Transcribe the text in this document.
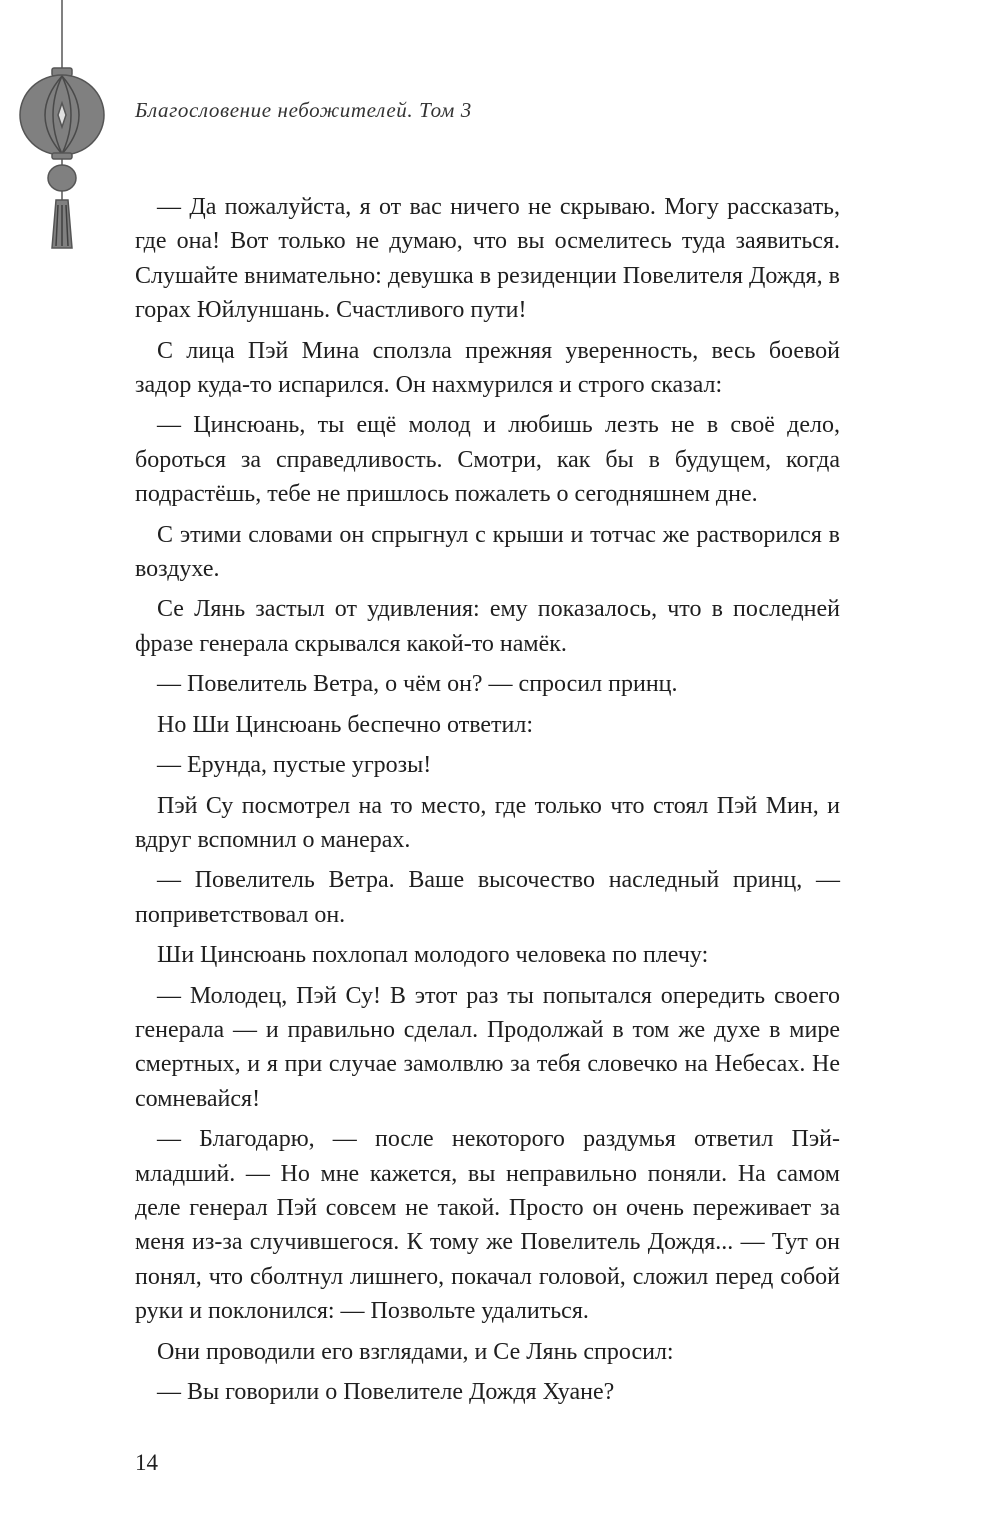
Благословение небожителей. Том 3

— Да пожалуйста, я от вас ничего не скрываю. Могу рассказать, где она! Вот только не думаю, что вы осмелитесь туда заявиться. Слушайте внимательно: девушка в резиденции Повелителя Дождя, в горах Юйлуншань. Счастливого пути!

С лица Пэй Мина сползла прежняя уверенность, весь боевой задор куда-то испарился. Он нахмурился и строго сказал:

— Цинсюань, ты ещё молод и любишь лезть не в своё дело, бороться за справедливость. Смотри, как бы в будущем, когда подрастёшь, тебе не пришлось пожалеть о сегодняшнем дне.

С этими словами он спрыгнул с крыши и тотчас же растворился в воздухе.

Се Лянь застыл от удивления: ему показалось, что в последней фразе генерала скрывался какой-то намёк.

— Повелитель Ветра, о чём он? — спросил принц.

Но Ши Цинсюань беспечно ответил:

— Ерунда, пустые угрозы!

Пэй Су посмотрел на то место, где только что стоял Пэй Мин, и вдруг вспомнил о манерах.

— Повелитель Ветра. Ваше высочество наследный принц, — поприветствовал он.

Ши Цинсюань похлопал молодого человека по плечу:

— Молодец, Пэй Су! В этот раз ты попытался опередить своего генерала — и правильно сделал. Продолжай в том же духе в мире смертных, и я при случае замолвлю за тебя словечко на Небесах. Не сомневайся!

— Благодарю, — после некоторого раздумья ответил Пэй-младший. — Но мне кажется, вы неправильно поняли. На самом деле генерал Пэй совсем не такой. Просто он очень переживает за меня из-за случившегося. К тому же Повелитель Дождя... — Тут он понял, что сболтнул лишнего, покачал головой, сложил перед собой руки и поклонился: — Позвольте удалиться.

Они проводили его взглядами, и Се Лянь спросил:

— Вы говорили о Повелителе Дождя Хуане?

14
